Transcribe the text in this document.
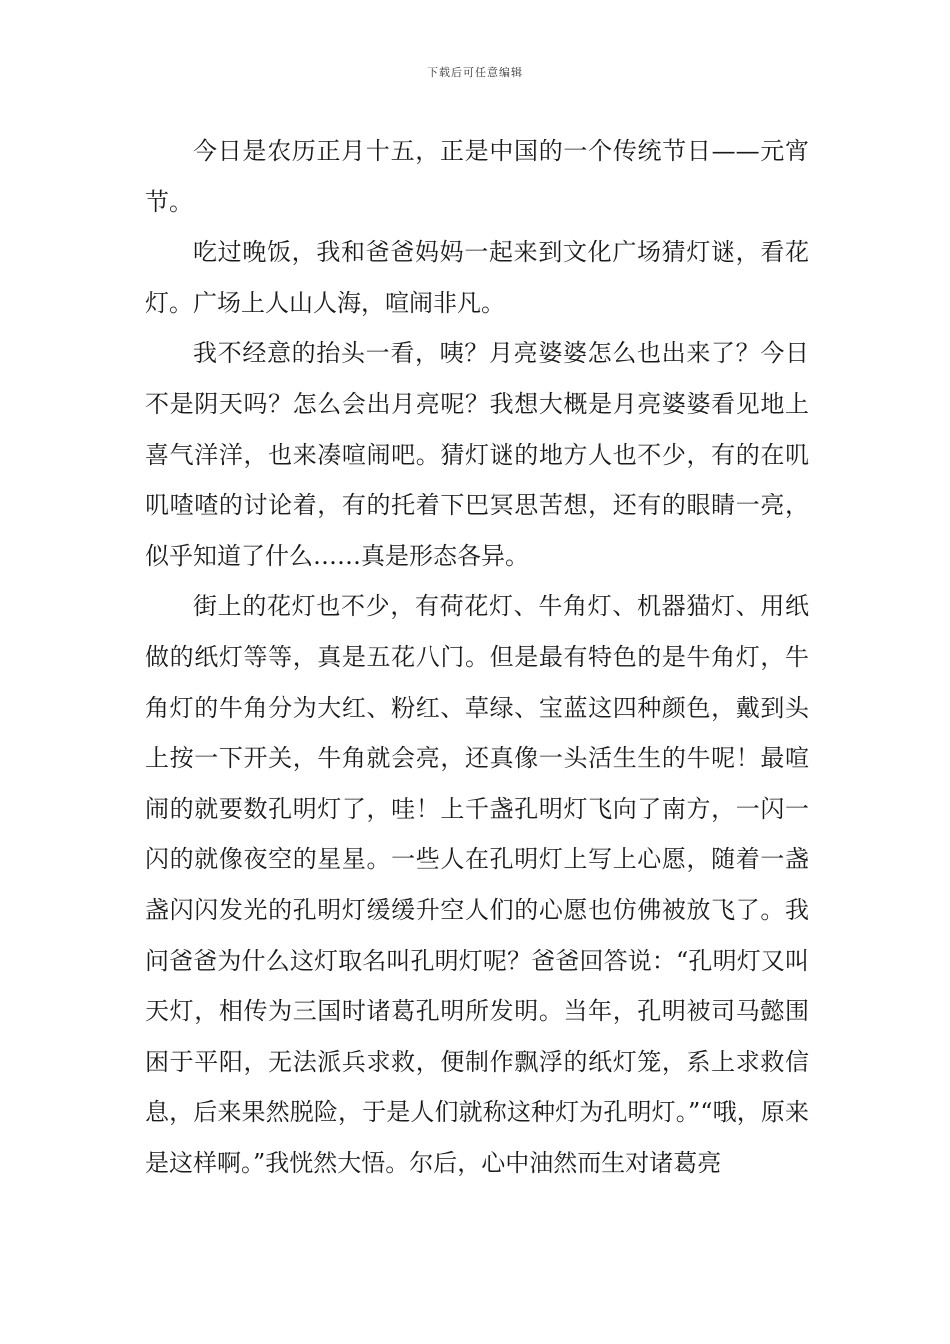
下载后可任意编辑

今日是农历正月十五，正是中国的一个传统节日——元宵节。

吃过晚饭，我和爸爸妈妈一起来到文化广场猜灯谜，看花灯。广场上人山人海，喧闹非凡。

我不经意的抬头一看，咦？月亮婆婆怎么也出来了？今日不是阴天吗？怎么会出月亮呢？我想大概是月亮婆婆看见地上喜气洋洋，也来凑喧闹吧。猜灯谜的地方人也不少，有的在叽叽喳喳的讨论着，有的托着下巴冥思苦想，还有的眼睛一亮，似乎知道了什么……真是形态各异。

街上的花灯也不少，有荷花灯、牛角灯、机器猫灯、用纸做的纸灯等等，真是五花八门。但是最有特色的是牛角灯，牛角灯的牛角分为大红、粉红、草绿、宝蓝这四种颜色，戴到头上按一下开关，牛角就会亮，还真像一头活生生的牛呢！最喧闹的就要数孔明灯了，哇！上千盏孔明灯飞向了南方，一闪一闪的就像夜空的星星。一些人在孔明灯上写上心愿，随着一盏盏闪闪发光的孔明灯缓缓升空人们的心愿也仿佛被放飞了。我问爸爸为什么这灯取名叫孔明灯呢？爸爸回答说：“孔明灯又叫天灯，相传为三国时诸葛孔明所发明。当年，孔明被司马懿围困于平阳，无法派兵求救，便制作飘浮的纸灯笼，系上求救信息，后来果然脱险，于是人们就称这种灯为孔明灯。”“哦，原来是这样啊。”我恍然大悟。尔后，心中油然而生对诸葛亮
